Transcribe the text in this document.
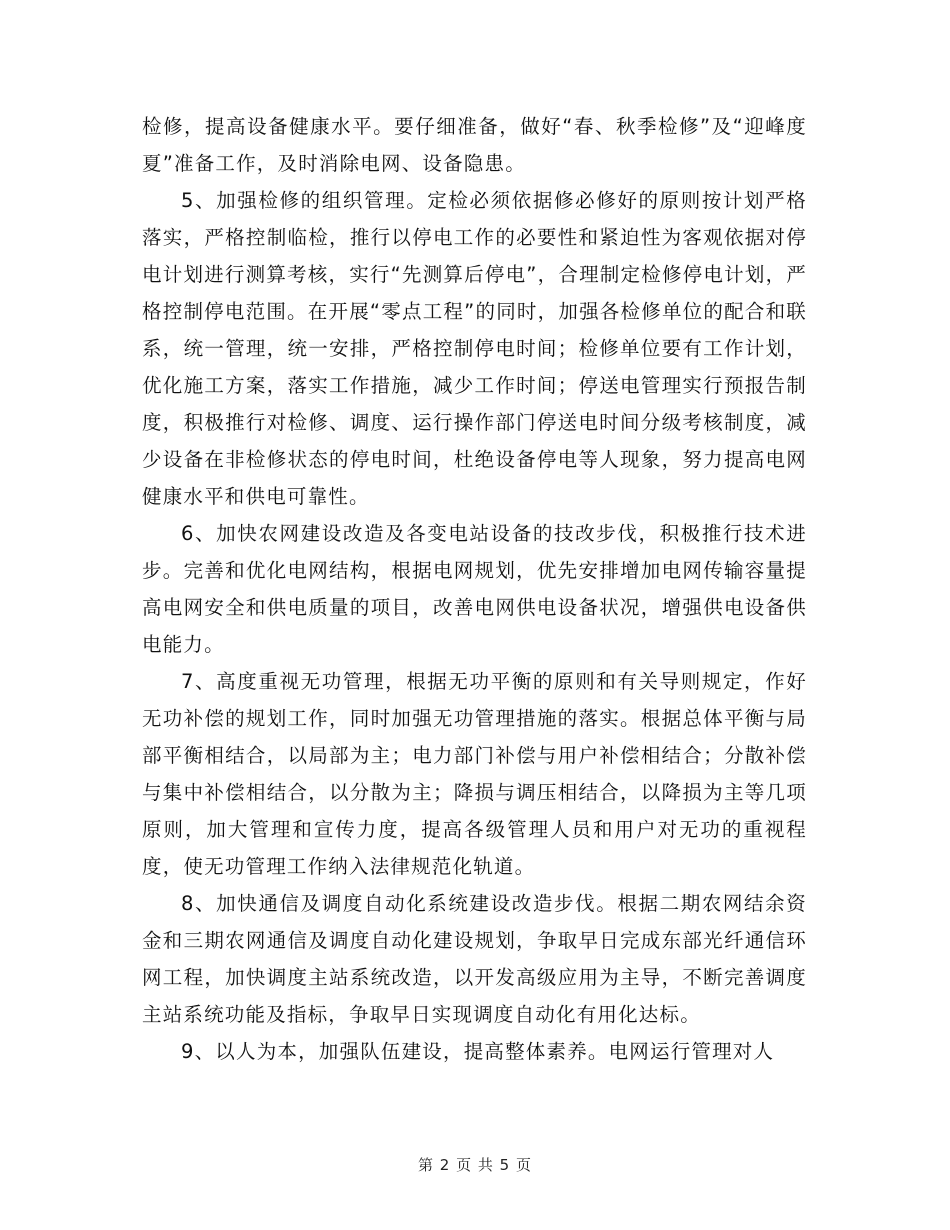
检修，提高设备健康水平。要仔细准备，做好“春、秋季检修”及“迎峰度夏”准备工作，及时消除电网、设备隐患。

5、加强检修的组织管理。定检必须依据修必修好的原则按计划严格落实，严格控制临检，推行以停电工作的必要性和紧迫性为客观依据对停电计划进行测算考核，实行“先测算后停电”，合理制定检修停电计划，严格控制停电范围。在开展“零点工程”的同时，加强各检修单位的配合和联系，统一管理，统一安排，严格控制停电时间；检修单位要有工作计划，优化施工方案，落实工作措施，减少工作时间；停送电管理实行预报告制度，积极推行对检修、调度、运行操作部门停送电时间分级考核制度，减少设备在非检修状态的停电时间，杜绝设备停电等人现象，努力提高电网健康水平和供电可靠性。

6、加快农网建设改造及各变电站设备的技改步伐，积极推行技术进步。完善和优化电网结构，根据电网规划，优先安排增加电网传输容量提高电网安全和供电质量的项目，改善电网供电设备状况，增强供电设备供电能力。

7、高度重视无功管理，根据无功平衡的原则和有关导则规定，作好无功补偿的规划工作，同时加强无功管理措施的落实。根据总体平衡与局部平衡相结合，以局部为主；电力部门补偿与用户补偿相结合；分散补偿与集中补偿相结合，以分散为主；降损与调压相结合，以降损为主等几项原则，加大管理和宣传力度，提高各级管理人员和用户对无功的重视程度，使无功管理工作纳入法律规范化轨道。

8、加快通信及调度自动化系统建设改造步伐。根据二期农网结余资金和三期农网通信及调度自动化建设规划，争取早日完成东部光纤通信环网工程，加快调度主站系统改造，以开发高级应用为主导，不断完善调度主站系统功能及指标，争取早日实现调度自动化有用化达标。

9、以人为本，加强队伍建设，提高整体素养。电网运行管理对人

第 2 页 共 5 页
